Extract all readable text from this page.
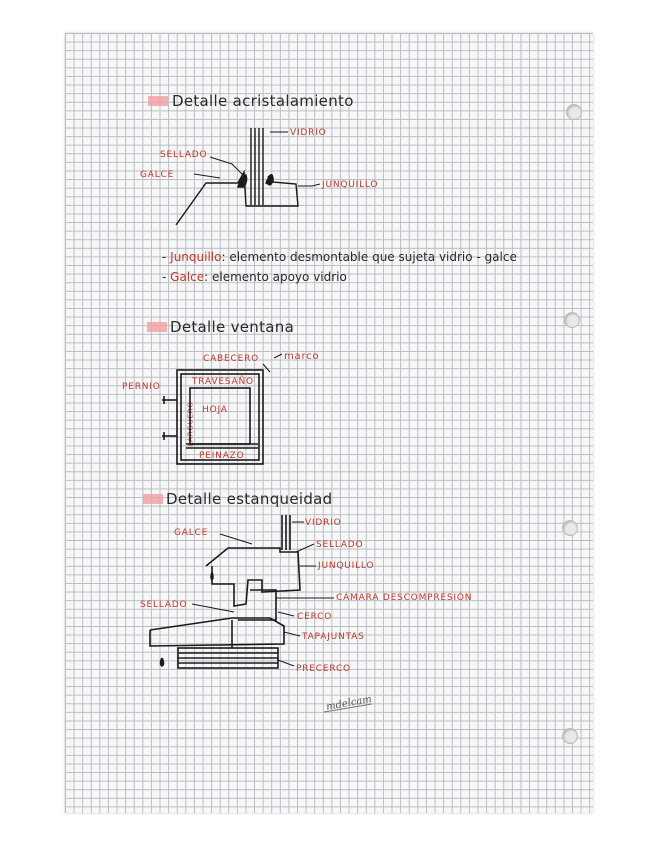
Detalle acristalamiento
VIDRIO
SELLADO
GALCE
JUNQUILLO
- Junquillo: elemento desmontable que sujeta vidrio - galce
- Galce: elemento apoyo vidrio
Detalle ventana
CABECERO marco
PERNIO	TRAVESAÑO
HOJA
LARGUERO
PEINAZO
Detalle estanqueidad
VIDRIO
GALCE
SELLADO
JUNQUILLO
CÁMARA DESCOMPRESIÓN
SELLADO
CERCO
TAPAJUNTAS
PRECERCO
mdelcam
